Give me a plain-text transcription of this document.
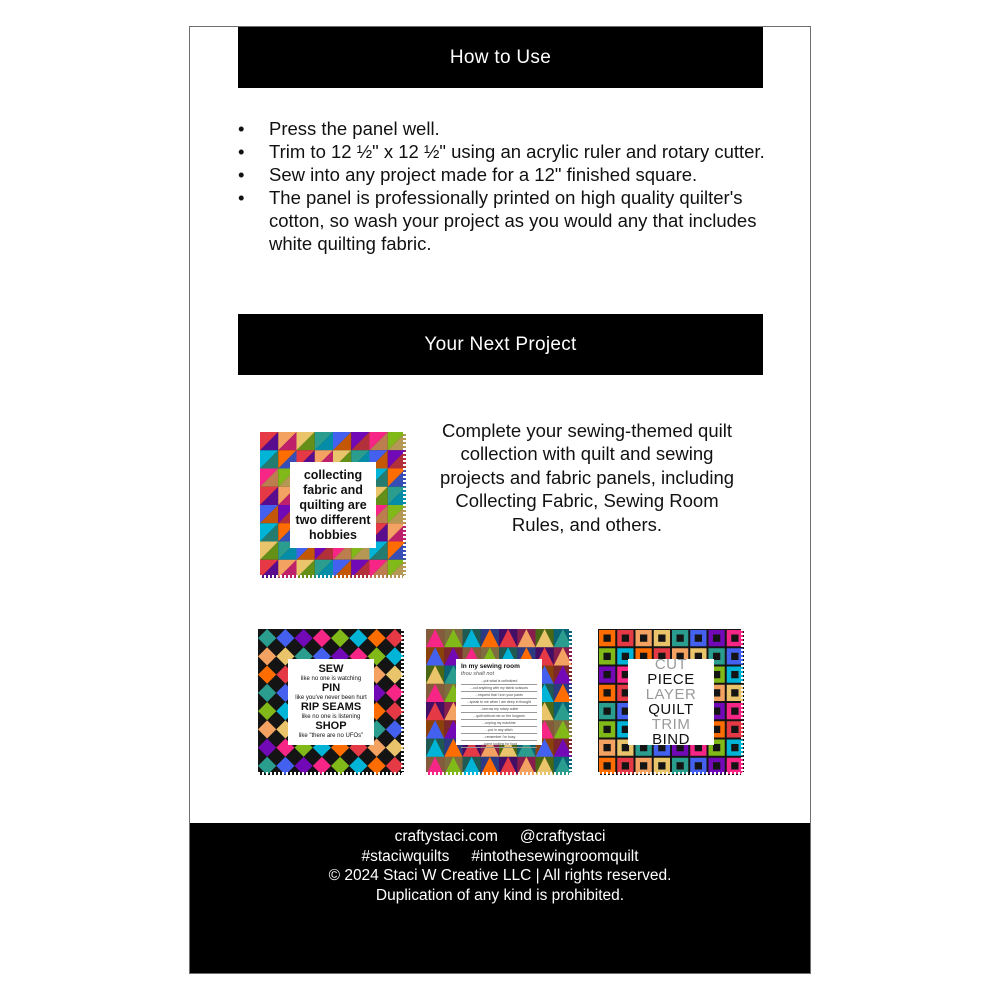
How to Use
• Press the panel well.
• Trim to 12 ½" x 12 ½" using an acrylic ruler and rotary cutter.
• Sew into any project made for a 12" finished square.
• The panel is professionally printed on high quality quilter's cotton, so wash your project as you would any that includes white quilting fabric.
Your Next Project
collecting
fabric and
quilting are
two different
hobbies
Complete your sewing-themed quilt collection with quilt and sewing projects and fabric panels, including Collecting Fabric, Sewing Room Rules, and others.
SEW
like no one is watching
PIN
like you've never been hurt
RIP SEAMS
like no one is listening
SHOP
like "there are no UFOs"
In my sewing room
thou shalt not
...put what is unfinished
...cut anything with my fabric scissors
...request that I iron your pants
...speak to me when I am deep in thought
...borrow my rotary cutter
...quilt without me on the longarm
...unplug my machine
...put in any stitch
...remember I'm busy
...come looking for food
CUT
PIECE
LAYER
QUILT
TRIM
BIND
craftystaci.com @craftystaci
#staciwquilts #intothesewingroomquilt
© 2024 Staci W Creative LLC | All rights reserved.
Duplication of any kind is prohibited.
